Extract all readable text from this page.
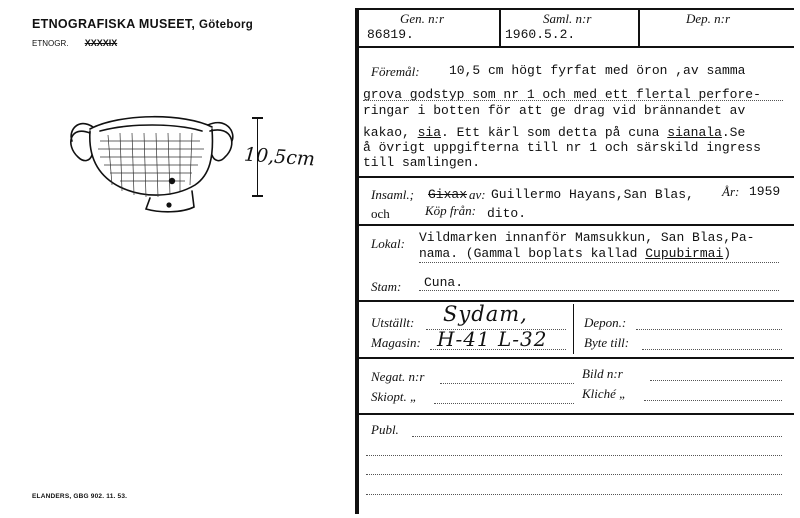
ETNOGRAFISKA MUSEET, Göteborg
ETNOGR. XXXXIX
10,5cm
ELANDERS, GBG 902. 11. 53.
Gen. n:r
86819.
Saml. n:r
1960.5.2.
Dep. n:r
Föremål: 10,5 cm högt fyrfat med öron ,av samma
grova godstyp som nr 1 och med ett flertal perfore-
ringar i botten för att ge drag vid brännandet av
kakao, sia. Ett kärl som detta på cuna sianala.Se
å övrigt uppgifterna till nr 1 och särskild ingress
till samlingen.
Insaml.; Gixax av: Guillermo Hayans,San Blas, År: 1959
och	Köp från: dito.
Lokal: Vildmarken innanför Mamsukkun, San Blas,Pa-
nama. (Gammal boplats kallad Cupubirmai)
Stam: Cuna.
Utställt: Sydam,
Magasin: H-41 L-32
Depon.:
Byte till:
Negat. n:r	Bild n:r
Skiopt. „	Kliché „
Publ.
